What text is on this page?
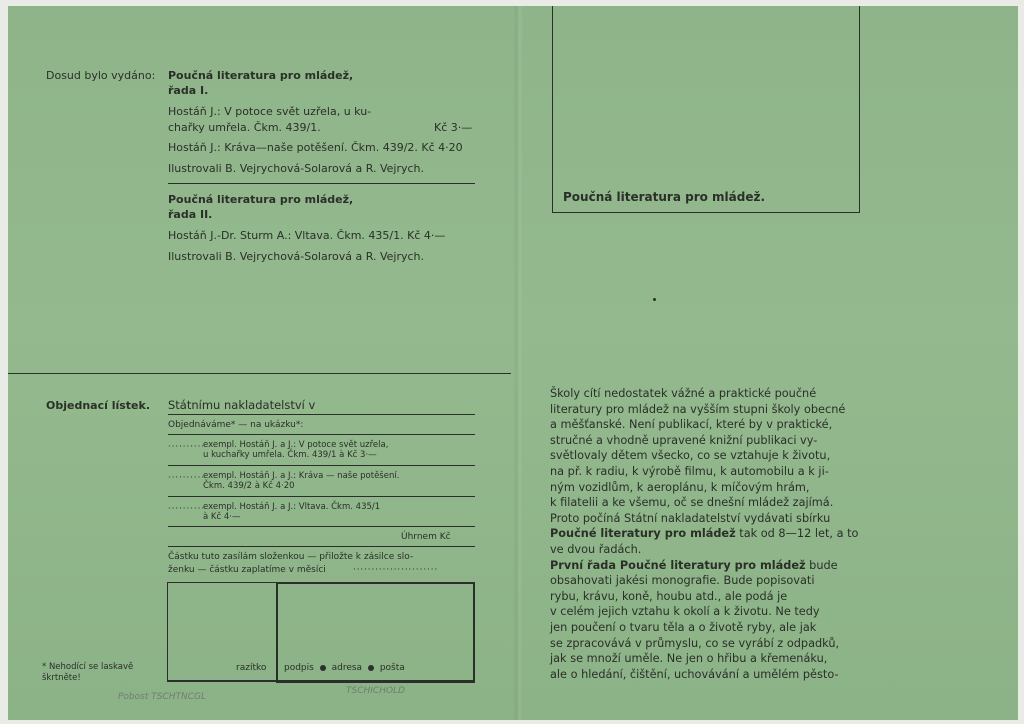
Dosud bylo vydáno: Poučná literatura pro mládež,
řada I.
Hostáň J.: V potoce svět uzřela, u ku-
chařky umřela. Čkm. 439/1.	Kč 3·—
Hostáň J.: Kráva—naše potěšení. Čkm. 439/2. Kč 4·20
Ilustrovali B. Vejrychová-Solarová a R. Vejrych.
Poučná literatura pro mládež,
řada II.
Hostáň J.-Dr. Sturm A.: Vltava. Čkm. 435/1. Kč 4·—
Ilustrovali B. Vejrychová-Solarová a R. Vejrych.
Objednací lístek. Státnímu nakladatelství v
Objednáváme* — na ukázku*:
··········
exempl. Hostáň J. a J.: V potoce svět uzřela,
u kuchařky umřela. Čkm. 439/1 à Kč 3·—
··········
exempl. Hostáň J. a J.: Kráva — naše potěšení.
Čkm. 439/2 à Kč 4·20
··········
exempl. Hostáň J. a J.: Vltava. Čkm. 435/1
à Kč 4·—
Úhrnem Kč
Částku tuto zasílám složenkou — přiložte k zásilce slo-
ženku — částku zaplatíme v měsíci	·······················
razítko podpis adresa pošta
* Nehodící se laskavě
škrtněte!
Pobost TSCHTNCGL
TSCHICHOLD
Poučná literatura pro mládež.

Školy cítí nedostatek vážné a praktické poučné

literatury pro mládež na vyšším stupni školy obecné

a měšťanské. Není publikací, které by v praktické,

stručné a vhodně upravené knižní publikaci vy-

světlovaly dětem všecko, co se vztahuje k životu,

na př. k radiu, k výrobě filmu, k automobilu a k ji-

ným vozidlům, k aeroplánu, k míčovým hrám,

k filatelii a ke všemu, oč se dnešní mládež zajímá.

Proto počíná Státní nakladatelství vydávati sbírku

Poučné literatury pro mládež tak od 8—12 let, a to

ve dvou řadách.

První řada Poučné literatury pro mládež bude

obsahovati jakési monografie. Bude popisovati

rybu, krávu, koně, houbu atd., ale podá je

v celém jejich vztahu k okolí a k životu. Ne tedy

jen poučení o tvaru těla a o životě ryby, ale jak

se zpracovává v průmyslu, co se vyrábí z odpadků,

jak se množí uměle. Ne jen o hřibu a křemenáku,

ale o hledání, čištění, uchovávání a umělém pěsto-
